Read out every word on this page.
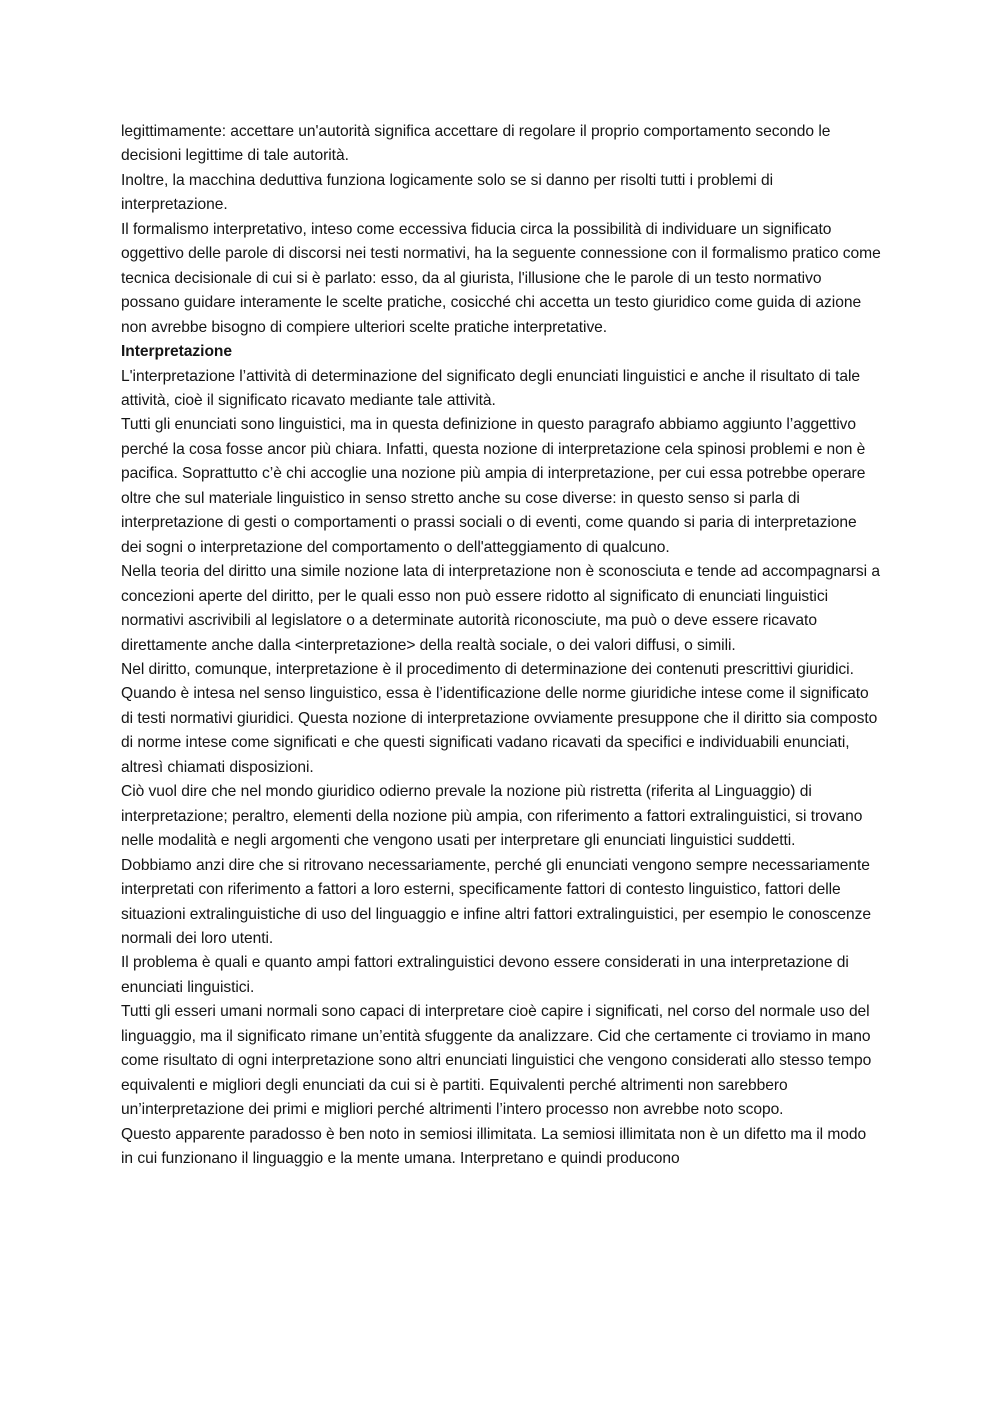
legittimamente: accettare un'autorità significa accettare di regolare il proprio comportamento secondo le decisioni legittime di tale autorità.

Inoltre, la macchina deduttiva funziona logicamente solo se si danno per risolti tutti i problemi di interpretazione.

Il formalismo interpretativo, inteso come eccessiva fiducia circa la possibilità di individuare un significato oggettivo delle parole di discorsi nei testi normativi, ha la seguente connessione con il formalismo pratico come tecnica decisionale di cui si è parlato: esso, da al giurista, l'illusione che le parole di un testo normativo possano guidare interamente le scelte pratiche, cosicché chi accetta un testo giuridico come guida di azione non avrebbe bisogno di compiere ulteriori scelte pratiche interpretative.

Interpretazione

L'interpretazione l’attività di determinazione del significato degli enunciati linguistici e anche il risultato di tale attività, cioè il significato ricavato mediante tale attività.

Tutti gli enunciati sono linguistici, ma in questa definizione in questo paragrafo abbiamo aggiunto l’aggettivo perché la cosa fosse ancor più chiara. Infatti, questa nozione di interpretazione cela spinosi problemi e non è pacifica. Soprattutto c’è chi accoglie una nozione più ampia di interpretazione, per cui essa potrebbe operare oltre che sul materiale linguistico in senso stretto anche su cose diverse: in questo senso si parla di interpretazione di gesti o comportamenti o prassi sociali o di eventi, come quando si paria di interpretazione dei sogni o interpretazione del comportamento o dell'atteggiamento di qualcuno.

Nella teoria del diritto una simile nozione lata di interpretazione non è sconosciuta e tende ad accompagnarsi a concezioni aperte del diritto, per le quali esso non può essere ridotto al significato di enunciati linguistici normativi ascrivibili al legislatore o a determinate autorità riconosciute, ma può o deve essere ricavato direttamente anche dalla <interpretazione> della realtà sociale, o dei valori diffusi, o simili.

Nel diritto, comunque, interpretazione è il procedimento di determinazione dei contenuti prescrittivi giuridici. Quando è intesa nel senso linguistico, essa è l’identificazione delle norme giuridiche intese come il significato di testi normativi giuridici. Questa nozione di interpretazione ovviamente presuppone che il diritto sia composto di norme intese come significati e che questi significati vadano ricavati da specifici e individuabili enunciati, altresì chiamati disposizioni.

Ciò vuol dire che nel mondo giuridico odierno prevale la nozione più ristretta (riferita al Linguaggio) di interpretazione; peraltro, elementi della nozione più ampia, con riferimento a fattori extralinguistici, si trovano nelle modalità e negli argomenti che vengono usati per interpretare gli enunciati linguistici suddetti.

Dobbiamo anzi dire che si ritrovano necessariamente, perché gli enunciati vengono sempre necessariamente interpretati con riferimento a fattori a loro esterni, specificamente fattori di contesto linguistico, fattori delle situazioni extralinguistiche di uso del linguaggio e infine altri fattori extralinguistici, per esempio le conoscenze normali dei loro utenti.

Il problema è quali e quanto ampi fattori extralinguistici devono essere considerati in una interpretazione di enunciati linguistici.

Tutti gli esseri umani normali sono capaci di interpretare cioè capire i significati, nel corso del normale uso del linguaggio, ma il significato rimane un’entità sfuggente da analizzare. Cid che certamente ci troviamo in mano come risultato di ogni interpretazione sono altri enunciati linguistici che vengono considerati allo stesso tempo equivalenti e migliori degli enunciati da cui si è partiti. Equivalenti perché altrimenti non sarebbero un’interpretazione dei primi e migliori perché altrimenti l’intero processo non avrebbe noto scopo.

Questo apparente paradosso è ben noto in semiosi illimitata. La semiosi illimitata non è un difetto ma il modo in cui funzionano il linguaggio e la mente umana. Interpretano e quindi producono
